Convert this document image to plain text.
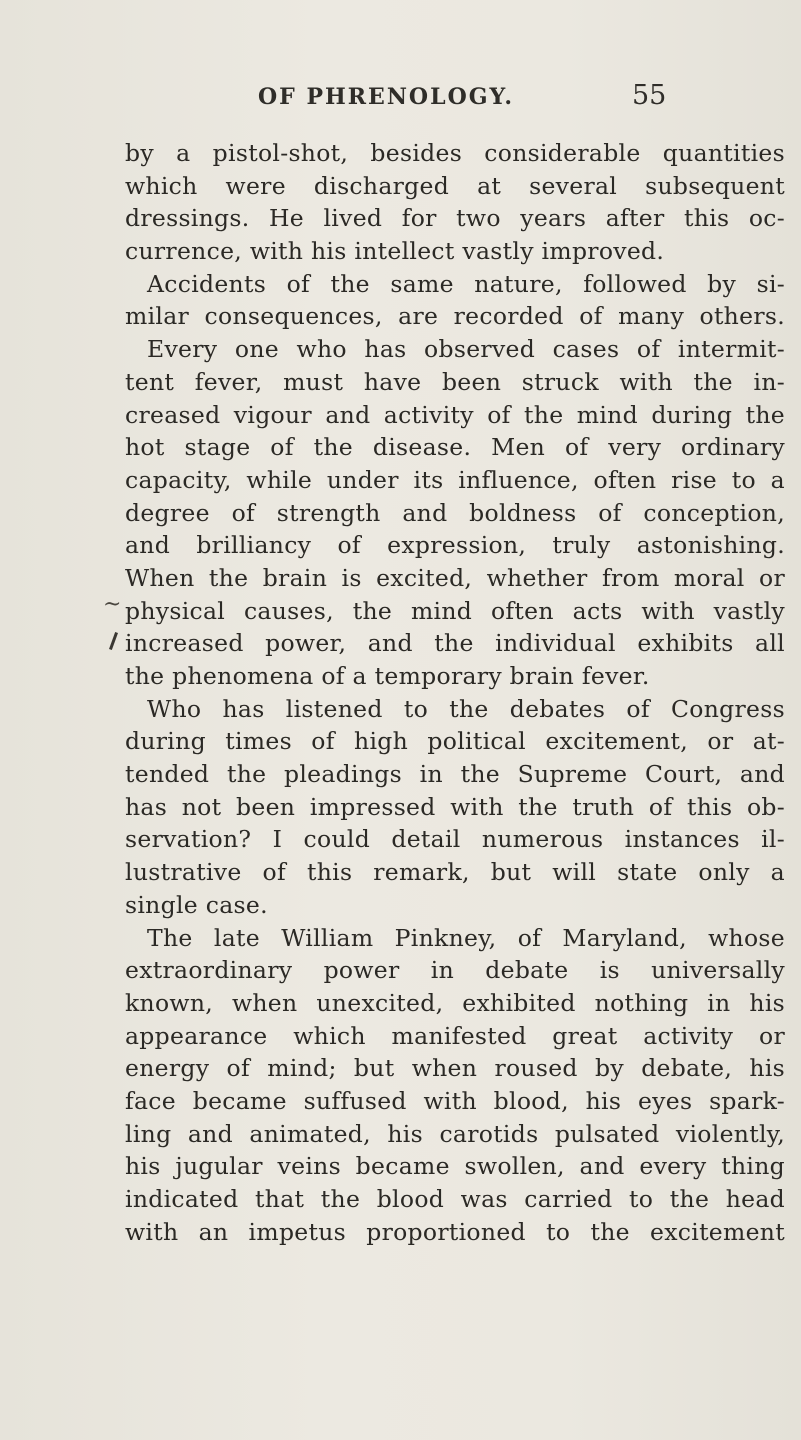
OF PHRENOLOGY.	55
~
by a pistol-shot, besides considerable quantities
which were discharged at several subsequent
dressings. He lived for two years after this oc-
currence, with his intellect vastly improved.
Accidents of the same nature, followed by si-
milar consequences, are recorded of many others.
Every one who has observed cases of intermit-
tent fever, must have been struck with the in-
creased vigour and activity of the mind during the
hot stage of the disease. Men of very ordinary
capacity, while under its influence, often rise to a
degree of strength and boldness of conception,
and brilliancy of expression, truly astonishing.
When the brain is excited, whether from moral or
physical causes, the mind often acts with vastly
increased power, and the individual exhibits all
the phenomena of a temporary brain fever.
Who has listened to the debates of Congress
during times of high political excitement, or at-
tended the pleadings in the Supreme Court, and
has not been impressed with the truth of this ob-
servation? I could detail numerous instances il-
lustrative of this remark, but will state only a
single case.
The late William Pinkney, of Maryland, whose
extraordinary power in debate is universally
known, when unexcited, exhibited nothing in his
appearance which manifested great activity or
energy of mind; but when roused by debate, his
face became suffused with blood, his eyes spark-
ling and animated, his carotids pulsated violently,
his jugular veins became swollen, and every thing
indicated that the blood was carried to the head
with an impetus proportioned to the excitement
